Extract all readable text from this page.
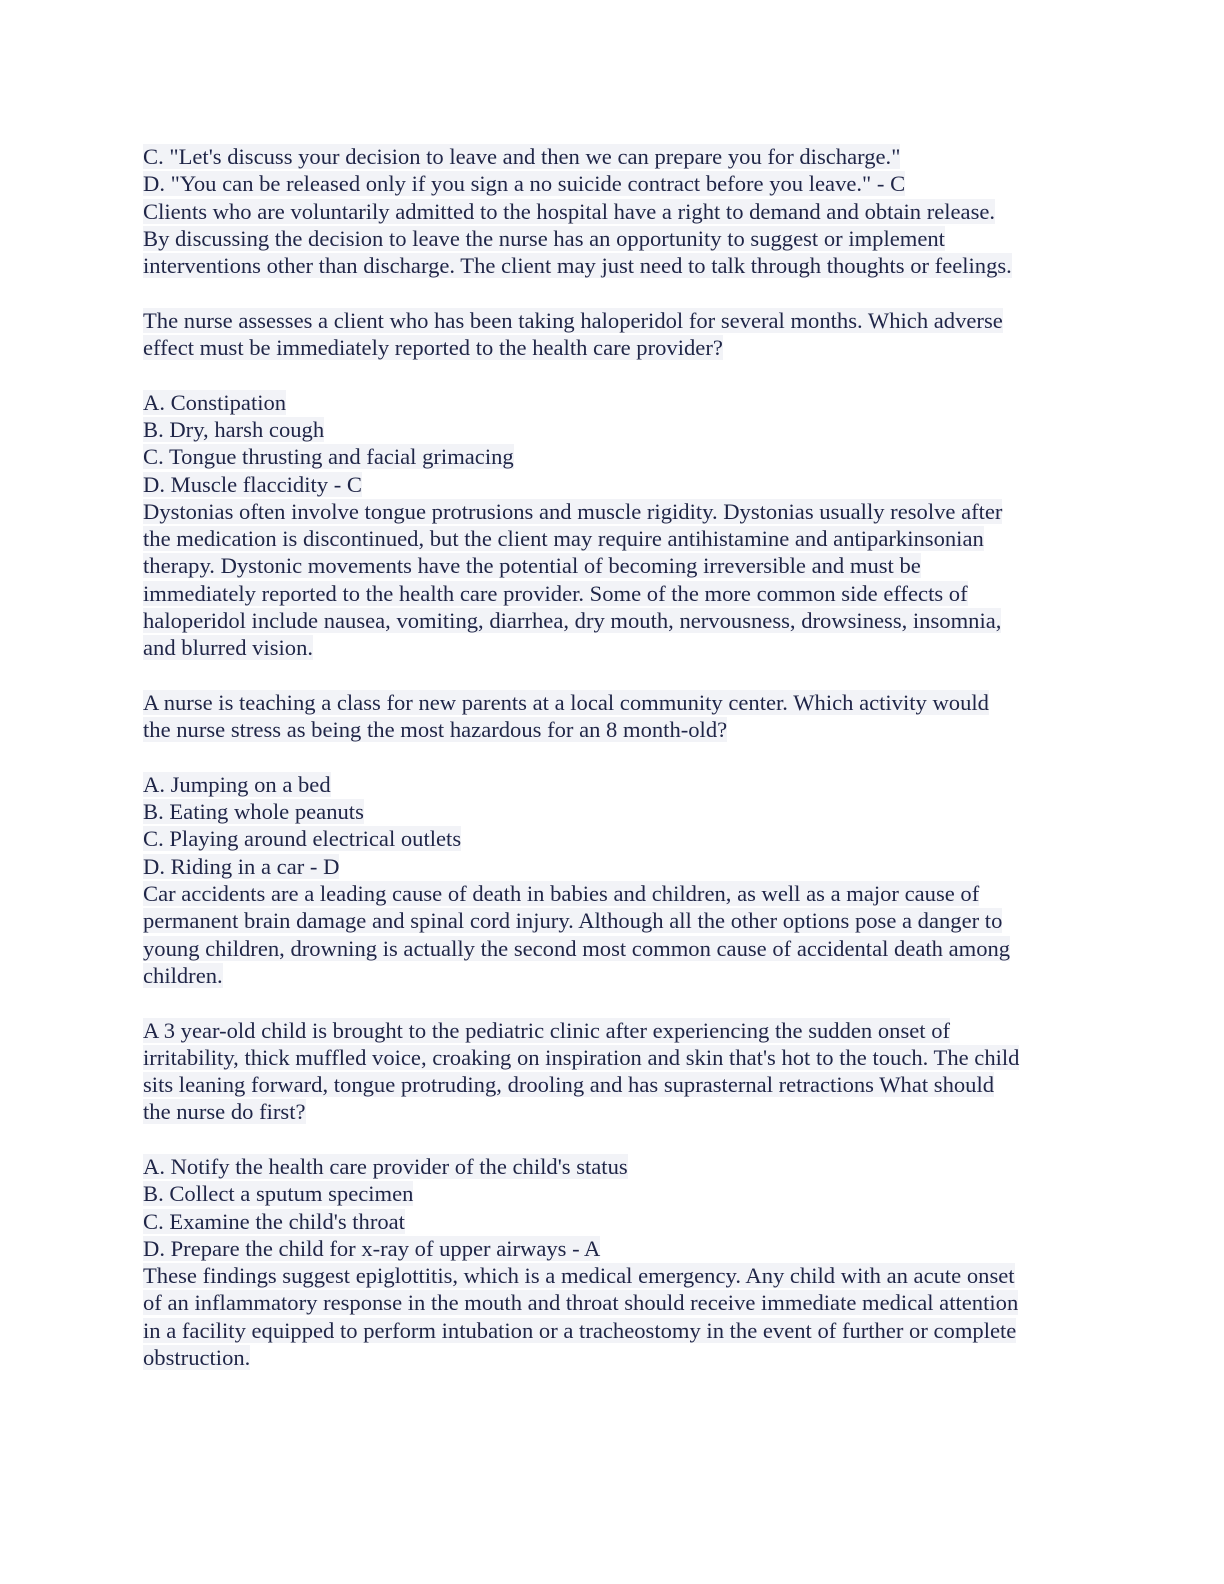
C. "Let's discuss your decision to leave and then we can prepare you for discharge."
D. "You can be released only if you sign a no suicide contract before you leave." - C
Clients who are voluntarily admitted to the hospital have a right to demand and obtain release.
By discussing the decision to leave the nurse has an opportunity to suggest or implement
interventions other than discharge. The client may just need to talk through thoughts or feelings.
The nurse assesses a client who has been taking haloperidol for several months. Which adverse
effect must be immediately reported to the health care provider?
A. Constipation
B. Dry, harsh cough
C. Tongue thrusting and facial grimacing
D. Muscle flaccidity - C
Dystonias often involve tongue protrusions and muscle rigidity. Dystonias usually resolve after
the medication is discontinued, but the client may require antihistamine and antiparkinsonian
therapy. Dystonic movements have the potential of becoming irreversible and must be
immediately reported to the health care provider. Some of the more common side effects of
haloperidol include nausea, vomiting, diarrhea, dry mouth, nervousness, drowsiness, insomnia,
and blurred vision.
A nurse is teaching a class for new parents at a local community center. Which activity would
the nurse stress as being the most hazardous for an 8 month-old?
A. Jumping on a bed
B. Eating whole peanuts
C. Playing around electrical outlets
D. Riding in a car - D
Car accidents are a leading cause of death in babies and children, as well as a major cause of
permanent brain damage and spinal cord injury. Although all the other options pose a danger to
young children, drowning is actually the second most common cause of accidental death among
children.
A 3 year-old child is brought to the pediatric clinic after experiencing the sudden onset of
irritability, thick muffled voice, croaking on inspiration and skin that's hot to the touch. The child
sits leaning forward, tongue protruding, drooling and has suprasternal retractions What should
the nurse do first?
A. Notify the health care provider of the child's status
B. Collect a sputum specimen
C. Examine the child's throat
D. Prepare the child for x-ray of upper airways - A
These findings suggest epiglottitis, which is a medical emergency. Any child with an acute onset
of an inflammatory response in the mouth and throat should receive immediate medical attention
in a facility equipped to perform intubation or a tracheostomy in the event of further or complete
obstruction.
